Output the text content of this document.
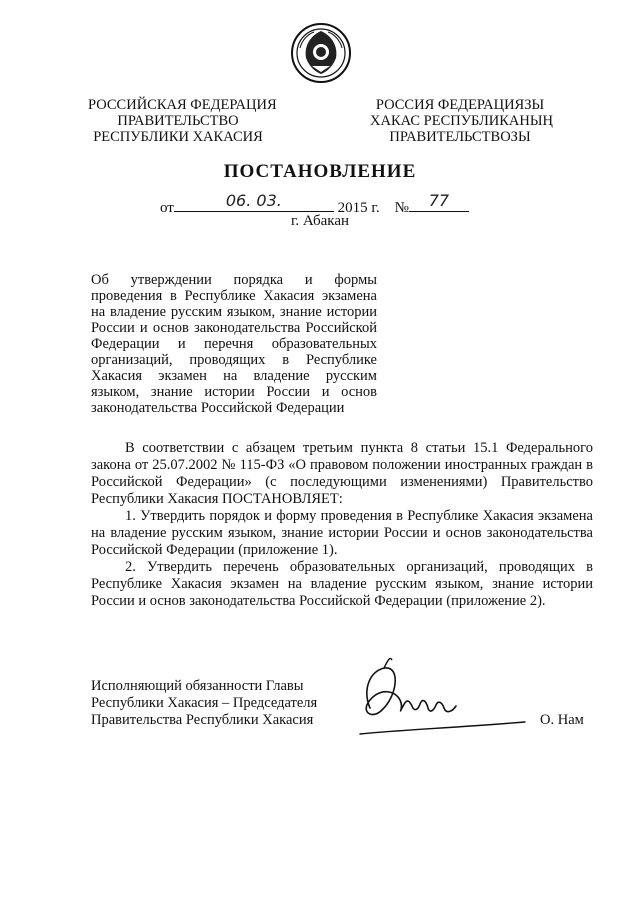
РОССИЙСКАЯ ФЕДЕРАЦИЯ
ПРАВИТЕЛЬСТВО
РЕСПУБЛИКИ ХАКАСИЯ
РОССИЯ ФЕДЕРАЦИЯЗЫ
ХАКАС РЕСПУБЛИКАНЫҢ
ПРАВИТЕЛЬСТВОЗЫ
ПОСТАНОВЛЕНИЕ
от	06. 03.	2015 г. №	77
г. Абакан

Об утверждении порядка и формы проведения в Республике Хакасия экзамена на владение русским языком, знание истории России и основ законодательства Российской Федерации и перечня образовательных организаций, проводящих в Республике Хакасия экзамен на владение русским языком, знание истории России и основ законодательства Российской Федерации

В соответствии с абзацем третьим пункта 8 статьи 15.1 Федерального закона от 25.07.2002 № 115-ФЗ «О правовом положении иностранных граждан в Российской Федерации» (с последующими изменениями) Правительство Республики Хакасия ПОСТАНОВЛЯЕТ:

1. Утвердить порядок и форму проведения в Республике Хакасия экзамена на владение русским языком, знание истории России и основ законодательства Российской Федерации (приложение 1).

2. Утвердить перечень образовательных организаций, проводящих в Республике Хакасия экзамен на владение русским языком, знание истории России и основ законодательства Российской Федерации (приложение 2).

Исполняющий обязанности Главы
Республики Хакасия – Председателя
Правительства Республики Хакасия	О. Нам
